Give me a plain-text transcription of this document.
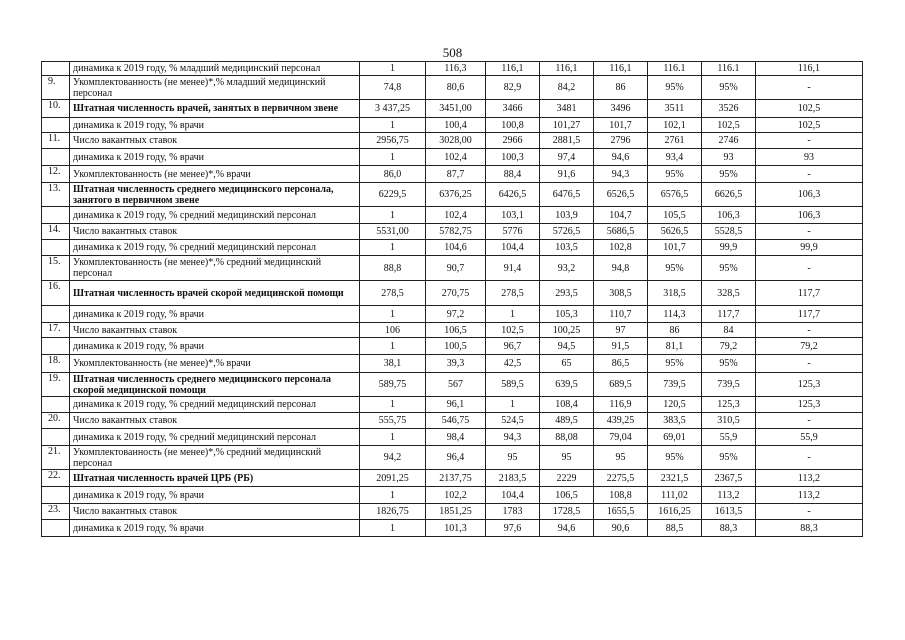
508
	динамика к 2019 году, % младший медицинский персонал	1	116,3	116,1	116,1	116,1	116.1	116.1	116,1
9.	Укомплектованность (не менее)*,% младший медицинский персонал	74,8	80,6	82,9	84,2	86	95%	95%	-
10.	Штатная численность врачей, занятых в первичном звене	3 437,25	3451,00	3466	3481	3496	3511	3526	102,5
	динамика к 2019 году, % врачи	1	100,4	100,8	101,27	101,7	102,1	102,5	102,5
11.	Число вакантных ставок	2956,75	3028,00	2966	2881,5	2796	2761	2746	-
	динамика к 2019 году, % врачи	1	102,4	100,3	97,4	94,6	93,4	93	93
12.	Укомплектованность (не менее)*,% врачи	86,0	87,7	88,4	91,6	94,3	95%	95%	-
13.	Штатная численность среднего медицинского персонала, занятого в первичном звене	6229,5	6376,25	6426,5	6476,5	6526,5	6576,5	6626,5	106,3
	динамика к 2019 году, % средний медицинский персонал	1	102,4	103,1	103,9	104,7	105,5	106,3	106,3
14.	Число вакантных ставок	5531,00	5782,75	5776	5726,5	5686,5	5626,5	5528,5	-
	динамика к 2019 году, % средний медицинский персонал	1	104,6	104,4	103,5	102,8	101,7	99,9	99,9
15.	Укомплектованность (не менее)*,% средний медицинский персонал	88,8	90,7	91,4	93,2	94,8	95%	95%	-
16.	Штатная численность врачей скорой медицинской помощи	278,5	270,75	278,5	293,5	308,5	318,5	328,5	117,7
	динамика к 2019 году, % врачи	1	97,2	1	105,3	110,7	114,3	117,7	117,7
17.	Число вакантных ставок	106	106,5	102,5	100,25	97	86	84	-
	динамика к 2019 году, % врачи	1	100,5	96,7	94,5	91,5	81,1	79,2	79,2
18.	Укомплектованность (не менее)*,% врачи	38,1	39,3	42,5	65	86,5	95%	95%	-
19.	Штатная численность среднего медицинского персонала скорой медицинской помощи	589,75	567	589,5	639,5	689,5	739,5	739,5	125,3
	динамика к 2019 году, % средний медицинский персонал	1	96,1	1	108,4	116,9	120,5	125,3	125,3
20.	Число вакантных ставок	555,75	546,75	524,5	489,5	439,25	383,5	310,5	-
	динамика к 2019 году, % средний медицинский персонал	1	98,4	94,3	88,08	79,04	69,01	55,9	55,9
21.	Укомплектованность (не менее)*,% средний медицинский персонал	94,2	96,4	95	95	95	95%	95%	-
22.	Штатная численность врачей ЦРБ (РБ)	2091,25	2137,75	2183,5	2229	2275,5	2321,5	2367,5	113,2
	динамика к 2019 году, % врачи	1	102,2	104,4	106,5	108,8	111,02	113,2	113,2
23.	Число вакантных ставок	1826,75	1851,25	1783	1728,5	1655,5	1616,25	1613,5	-
	динамика к 2019 году, % врачи	1	101,3	97,6	94,6	90,6	88,5	88,3	88,3
